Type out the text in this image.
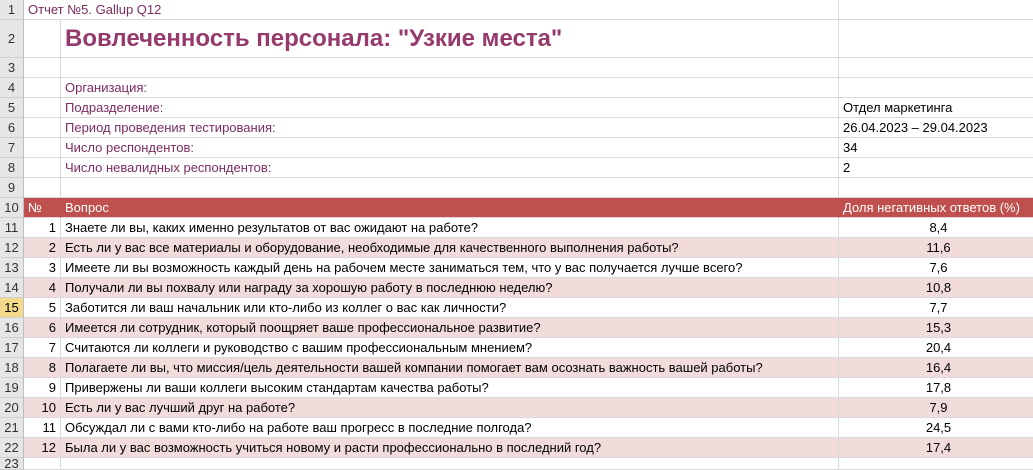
1 Отчет №5. Gallup Q12
2	Вовлеченность персонала: "Узкие места"
3
4	Организация:
5	Подразделение:	Отдел маркетинга
6	Период проведения тестирования:	26.04.2023 – 29.04.2023
7	Число респондентов:	34
8	Число невалидных респондентов:	2
9
10 №	Вопрос	Доля негативных ответов (%)
11	1 Знаете ли вы, каких именно результатов от вас ожидают на работе?	8,4
12	2 Есть ли у вас все материалы и оборудование, необходимые для качественного выполнения работы?	11,6
13	3 Имеете ли вы возможность каждый день на рабочем месте заниматься тем, что у вас получается лучше всего?	7,6
14	4 Получали ли вы похвалу или награду за хорошую работу в последнюю неделю?	10,8
15	5 Заботится ли ваш начальник или кто-либо из коллег о вас как личности?	7,7
16	6 Имеется ли сотрудник, который поощряет ваше профессиональное развитие?	15,3
17	7 Считаются ли коллеги и руководство с вашим профессиональным мнением?	20,4
18	8 Полагаете ли вы, что миссия/цель деятельности вашей компании помогает вам осознать важность вашей работы?	16,4
19	9 Привержены ли ваши коллеги высоким стандартам качества работы?	17,8
20	10 Есть ли у вас лучший друг на работе?	7,9
21	11 Обсуждал ли с вами кто-либо на работе ваш прогресс в последние полгода?	24,5
22	12 Была ли у вас возможность учиться новому и расти профессионально в последний год?	17,4
23
